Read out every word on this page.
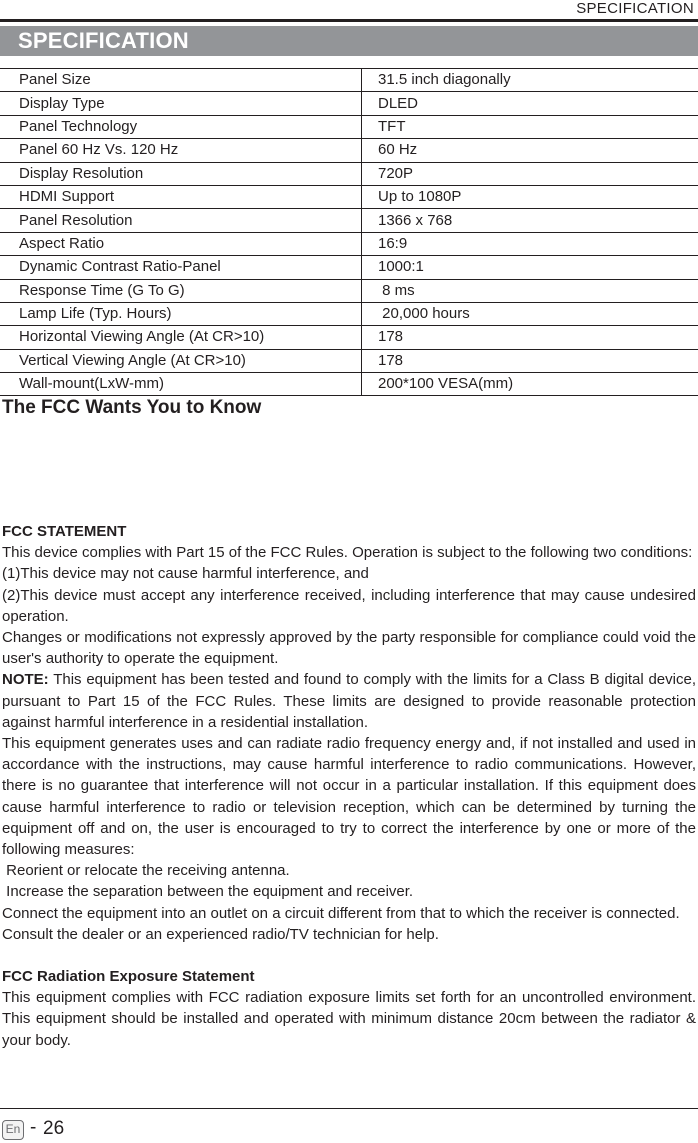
SPECIFICATION
SPECIFICATION
Panel Size	31.5 inch diagonally
Display Type	DLED
Panel Technology	TFT
Panel 60 Hz Vs. 120 Hz	60 Hz
Display Resolution	720P
HDMI Support	Up to 1080P
Panel Resolution	1366 x 768
Aspect Ratio	16:9
Dynamic Contrast Ratio-Panel	1000:1
Response Time (G To G)	8 ms
Lamp Life (Typ. Hours)	20,000 hours
Horizontal Viewing Angle (At CR>10)	178
Vertical Viewing Angle (At CR>10)	178
Wall-mount(LxW-mm)	200*100 VESA(mm)
The FCC Wants You to Know

FCC STATEMENT

This device complies with Part 15 of the FCC Rules. Operation is subject to the following two conditions:

(1)This device may not cause harmful interference, and

(2)This device must accept any interference received, including interference that may cause undesired operation.

Changes or modifications not expressly approved by the party responsible for compliance could void the user's authority to operate the equipment.

NOTE: This equipment has been tested and found to comply with the limits for a Class B digital device, pursuant to Part 15 of the FCC Rules. These limits are designed to provide reasonable protection against harmful interference in a residential installation.

This equipment generates uses and can radiate radio frequency energy and, if not installed and used in accordance with the instructions, may cause harmful interference to radio communications. However, there is no guarantee that interference will not occur in a particular installation. If this equipment does cause harmful interference to radio or television reception, which can be determined by turning the equipment off and on, the user is encouraged to try to correct the interference by one or more of the following measures:

Reorient or relocate the receiving antenna.

Increase the separation between the equipment and receiver.

Connect the equipment into an outlet on a circuit different from that to which the receiver is connected.

Consult the dealer or an experienced radio/TV technician for help.

FCC Radiation Exposure Statement

This equipment complies with FCC radiation exposure limits set forth for an uncontrolled environment. This equipment should be installed and operated with minimum distance 20cm between the radiator & your body.

En - 26
